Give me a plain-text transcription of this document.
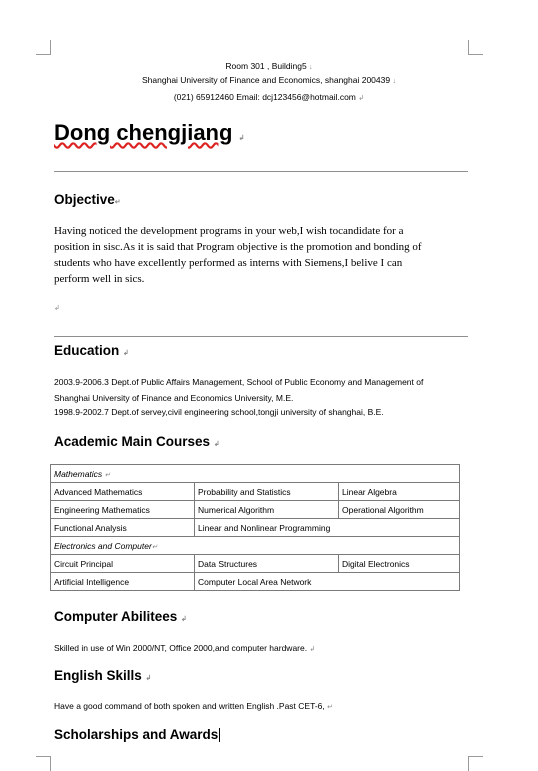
Room 301 , Building5 ↓
Shanghai University of Finance and Economics, shanghai 200439 ↓
(021) 65912460 Email: dcj123456@hotmail.com ↲
Dong chengjiang ↲
Objective↵
Having noticed the development programs in your web,I wish tocandidate for a
position in sisc.As it is said that Program objective is the promotion and bonding of
students who have excellently performed as interns with Siemens,I belive I can
perform well in sics.
↲
Education ↲
2003.9-2006.3 Dept.of Public Affairs Management, School of Public Economy and Management of
Shanghai University of Finance and Economics University, M.E.
1998.9-2002.7 Dept.of servey,civil engineering school,tongji university of shanghai, B.E.
Academic Main Courses ↲
Mathematics ↵		
Advanced Mathematics	Probability and Statistics	Linear Algebra
Engineering Mathematics	Numerical Algorithm	Operational Algorithm
Functional Analysis	Linear and Nonlinear Programming	
Electronics and Computer↵		
Circuit Principal	Data Structures	Digital Electronics
Artificial Intelligence	Computer Local Area Network	
Computer Abilitees ↲
Skilled in use of Win 2000/NT, Office 2000,and computer hardware. ↲
English Skills ↲
Have a good command of both spoken and written English .Past CET-6, ↵
Scholarships and Awards
